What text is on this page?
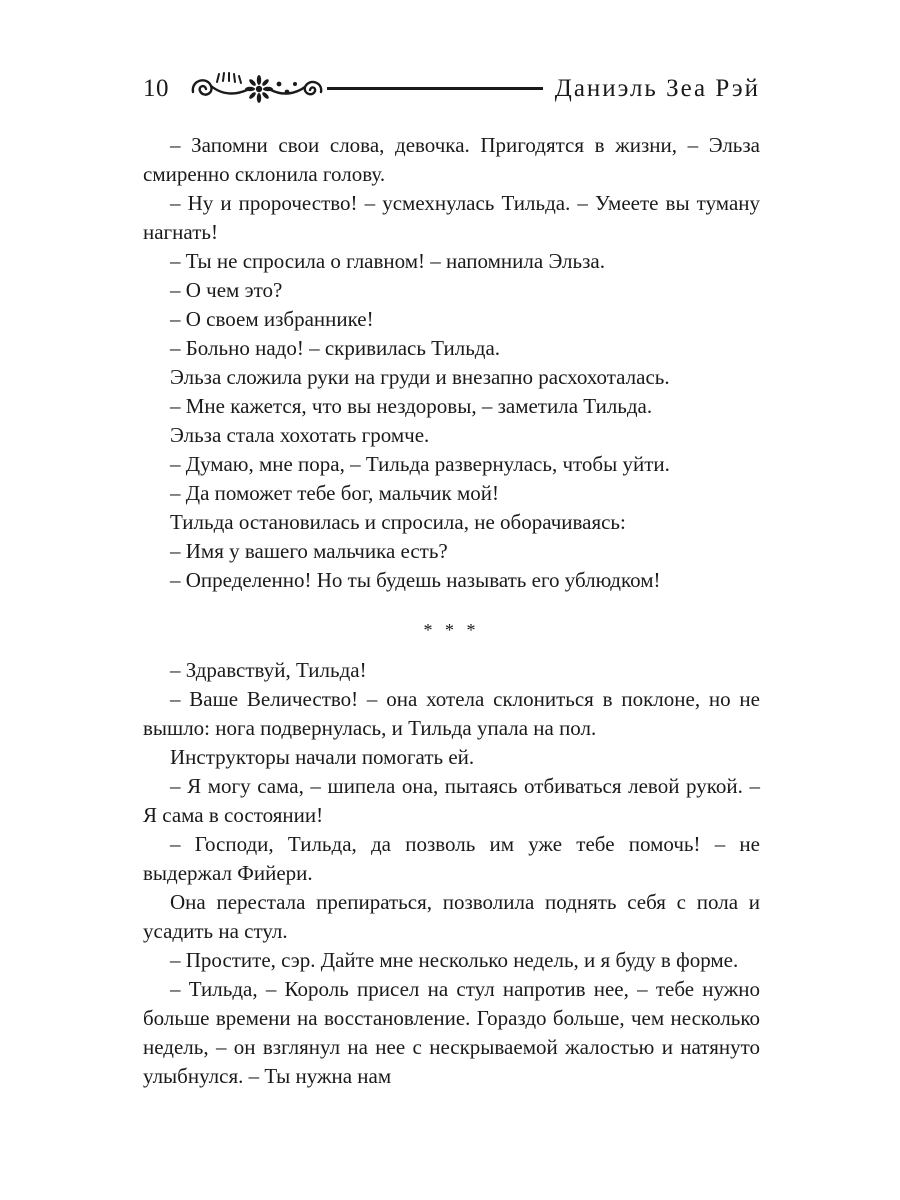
10	Даниэль Зеа Рэй

– Запомни свои слова, девочка. Пригодятся в жизни, – Эльза смиренно склонила голову.

– Ну и пророчество! – усмехнулась Тильда. – Умеете вы туману нагнать!

– Ты не спросила о главном! – напомнила Эльза.

– О чем это?

– О своем избраннике!

– Больно надо! – скривилась Тильда.

Эльза сложила руки на груди и внезапно расхохоталась.

– Мне кажется, что вы нездоровы, – заметила Тильда.

Эльза стала хохотать громче.

– Думаю, мне пора, – Тильда развернулась, чтобы уйти.

– Да поможет тебе бог, мальчик мой!

Тильда остановилась и спросила, не оборачиваясь:

– Имя у вашего мальчика есть?

– Определенно! Но ты будешь называть его ублюдком!

* * *

– Здравствуй, Тильда!

– Ваше Величество! – она хотела склониться в поклоне, но не вышло: нога подвернулась, и Тильда упала на пол.

Инструкторы начали помогать ей.

– Я могу сама, – шипела она, пытаясь отбиваться левой рукой. – Я сама в состоянии!

– Господи, Тильда, да позволь им уже тебе помочь! – не выдержал Фийери.

Она перестала препираться, позволила поднять себя с пола и усадить на стул.

– Простите, сэр. Дайте мне несколько недель, и я буду в форме.

– Тильда, – Король присел на стул напротив нее, – тебе нужно больше времени на восстановление. Гораздо больше, чем несколько недель, – он взглянул на нее с нескрываемой жалостью и натянуто улыбнулся. – Ты нужна нам
